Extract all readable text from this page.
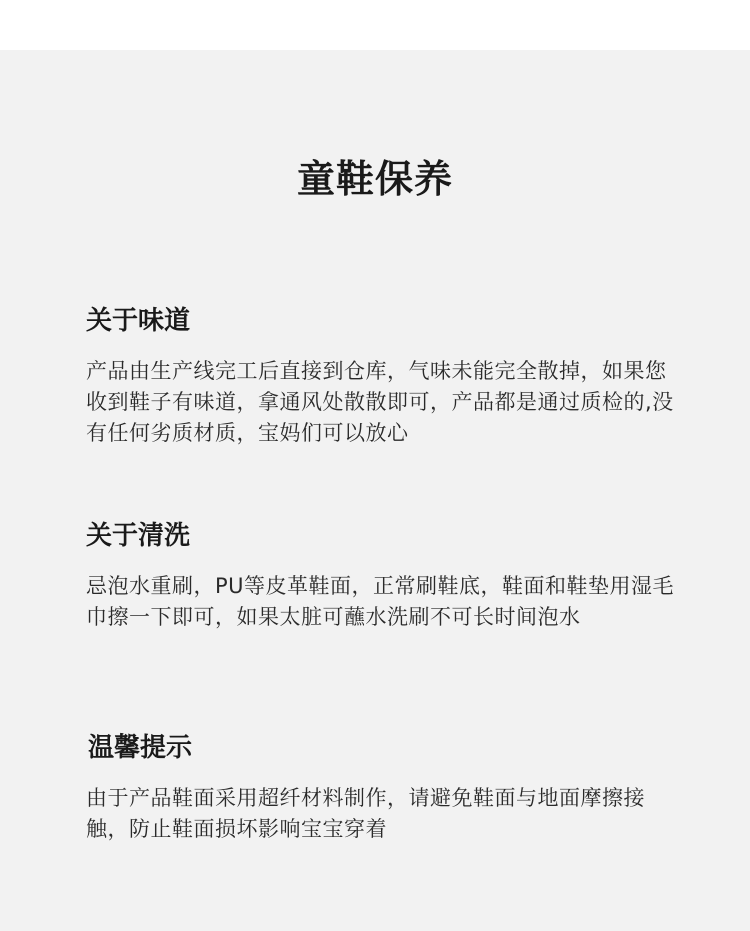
童鞋保养
关于味道

产品由生产线完工后直接到仓库，气味未能完全散掉，如果您收到鞋子有味道，拿通风处散散即可，产品都是通过质检的,没有任何劣质材质，宝妈们可以放心

关于清洗

忌泡水重刷，PU等皮革鞋面，正常刷鞋底，鞋面和鞋垫用湿毛巾擦一下即可，如果太脏可蘸水洗刷不可长时间泡水

温馨提示

由于产品鞋面采用超纤材料制作，请避免鞋面与地面摩擦接触，防止鞋面损坏影响宝宝穿着
